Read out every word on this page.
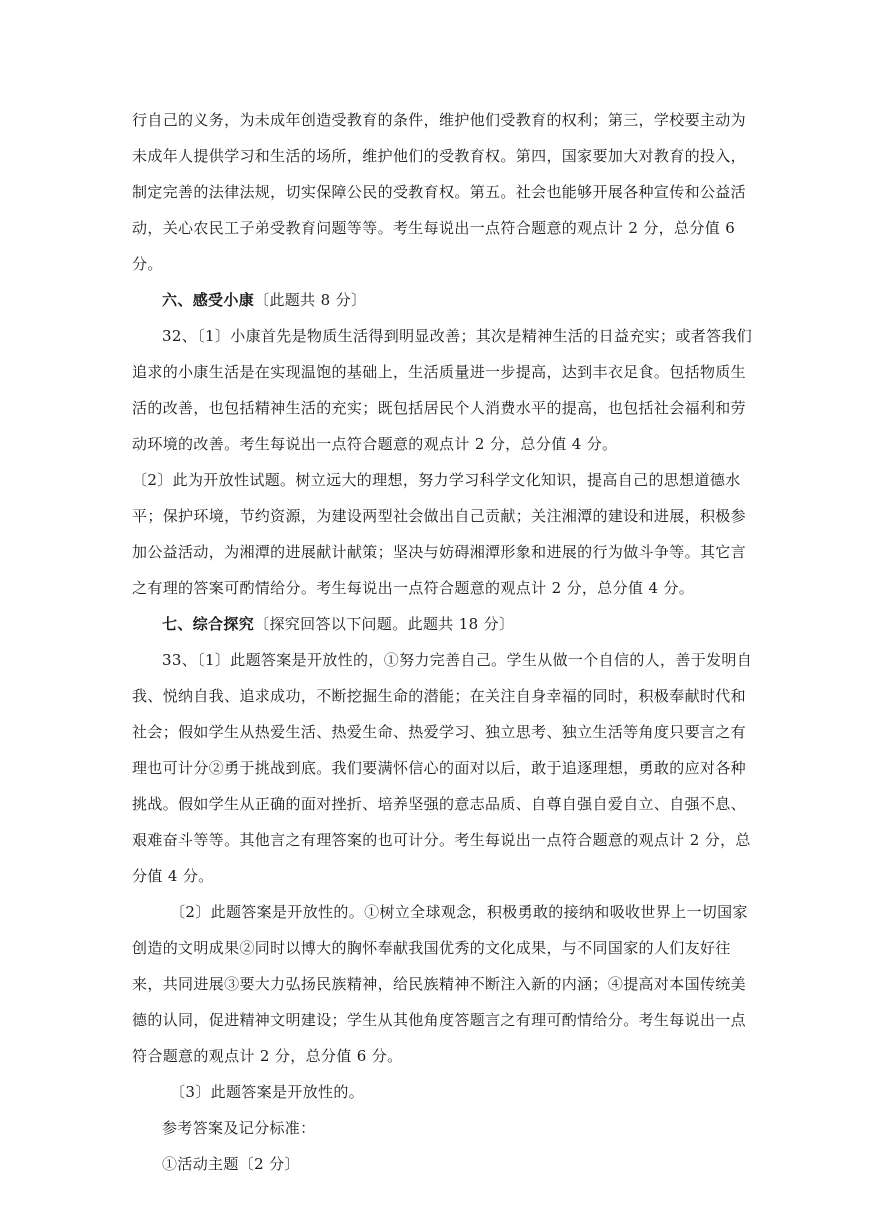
行自己的义务，为未成年创造受教育的条件，维护他们受教育的权利；第三，学校要主动为
未成年人提供学习和生活的场所，维护他们的受教育权。第四，国家要加大对教育的投入，
制定完善的法律法规，切实保障公民的受教育权。第五。社会也能够开展各种宣传和公益活
动，关心农民工子弟受教育问题等等。考生每说出一点符合题意的观点计 2 分，总分值 6
分。
六、感受小康〔此题共 8 分〕
32、〔1〕小康首先是物质生活得到明显改善；其次是精神生活的日益充实；或者答我们
追求的小康生活是在实现温饱的基础上，生活质量进一步提高，达到丰衣足食。包括物质生
活的改善，也包括精神生活的充实；既包括居民个人消费水平的提高，也包括社会福利和劳
动环境的改善。考生每说出一点符合题意的观点计 2 分，总分值 4 分。
〔2〕此为开放性试题。树立远大的理想，努力学习科学文化知识，提高自己的思想道德水
平；保护环境，节约资源，为建设两型社会做出自己贡献；关注湘潭的建设和进展，积极参
加公益活动，为湘潭的进展献计献策；坚决与妨碍湘潭形象和进展的行为做斗争等。其它言
之有理的答案可酌情给分。考生每说出一点符合题意的观点计 2 分，总分值 4 分。
七、综合探究〔探究回答以下问题。此题共 18 分〕
33、〔1〕此题答案是开放性的，①努力完善自己。学生从做一个自信的人，善于发明自
我、悦纳自我、追求成功，不断挖掘生命的潜能；在关注自身幸福的同时，积极奉献时代和
社会；假如学生从热爱生活、热爱生命、热爱学习、独立思考、独立生活等角度只要言之有
理也可计分②勇于挑战到底。我们要满怀信心的面对以后，敢于追逐理想，勇敢的应对各种
挑战。假如学生从正确的面对挫折、培养坚强的意志品质、自尊自强自爱自立、自强不息、
艰难奋斗等等。其他言之有理答案的也可计分。考生每说出一点符合题意的观点计 2 分，总
分值 4 分。
〔2〕此题答案是开放性的。①树立全球观念，积极勇敢的接纳和吸收世界上一切国家
创造的文明成果②同时以博大的胸怀奉献我国优秀的文化成果，与不同国家的人们友好往
来，共同进展③要大力弘扬民族精神，给民族精神不断注入新的内涵；④提高对本国传统美
德的认同，促进精神文明建设；学生从其他角度答题言之有理可酌情给分。考生每说出一点
符合题意的观点计 2 分，总分值 6 分。
〔3〕此题答案是开放性的。
参考答案及记分标准：
①活动主题〔2 分〕
